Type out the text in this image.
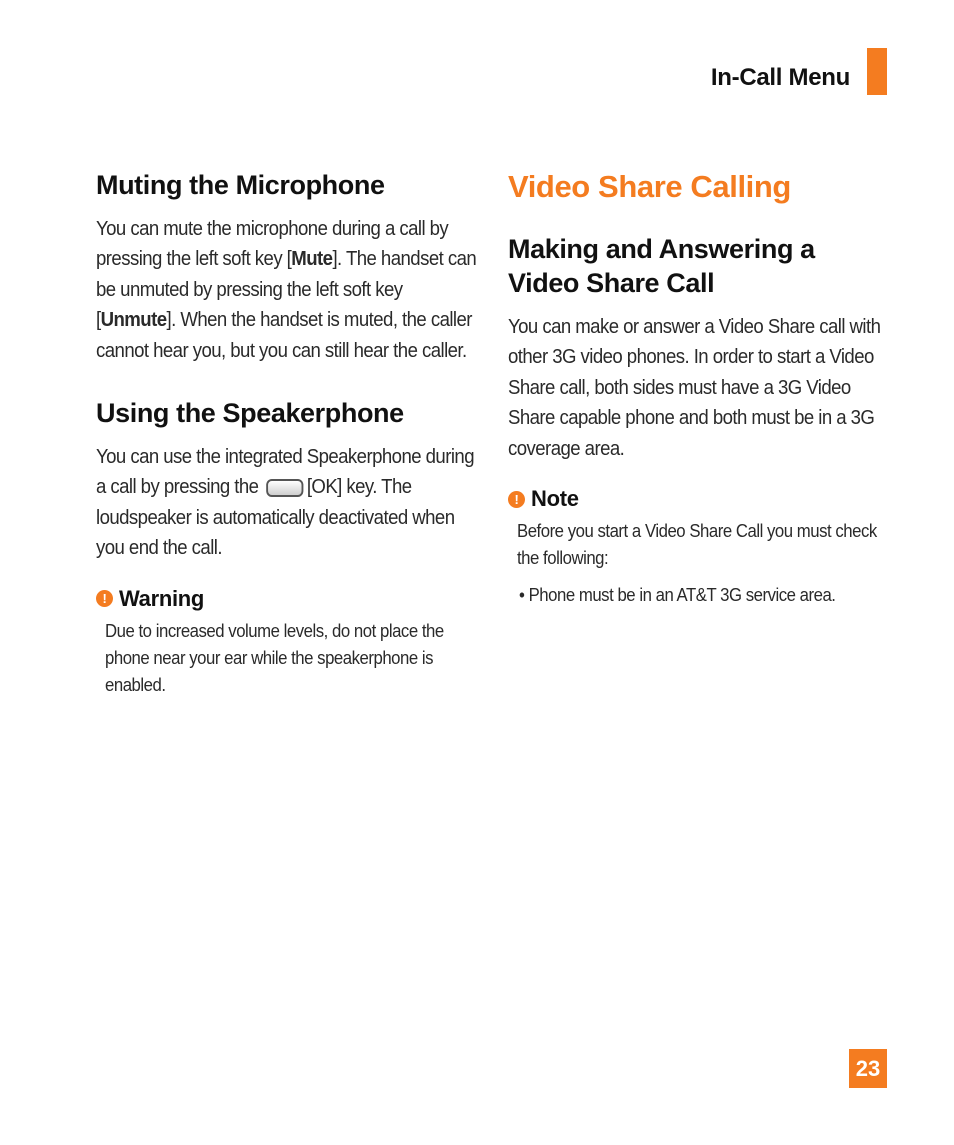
In-Call Menu
Muting the Microphone

You can mute the microphone during a call by pressing the left soft key [Mute]. The handset can be unmuted by pressing the left soft key [Unmute]. When the handset is muted, the caller cannot hear you, but you can still hear the caller.

Using the Speakerphone

You can use the integrated Speakerphone during a call by pressing the [OK] key. The loudspeaker is automatically deactivated when you end the call.

! Warning
Due to increased volume levels, do not place the phone near your ear while the speakerphone is enabled.
Video Share Calling
Making and Answering a Video Share Call

You can make or answer a Video Share call with other 3G video phones. In order to start a Video Share call, both sides must have a 3G Video Share capable phone and both must be in a 3G coverage area.

! Note
Before you start a Video Share Call you must check the following:
• Phone must be in an AT&T 3G service area.
23
